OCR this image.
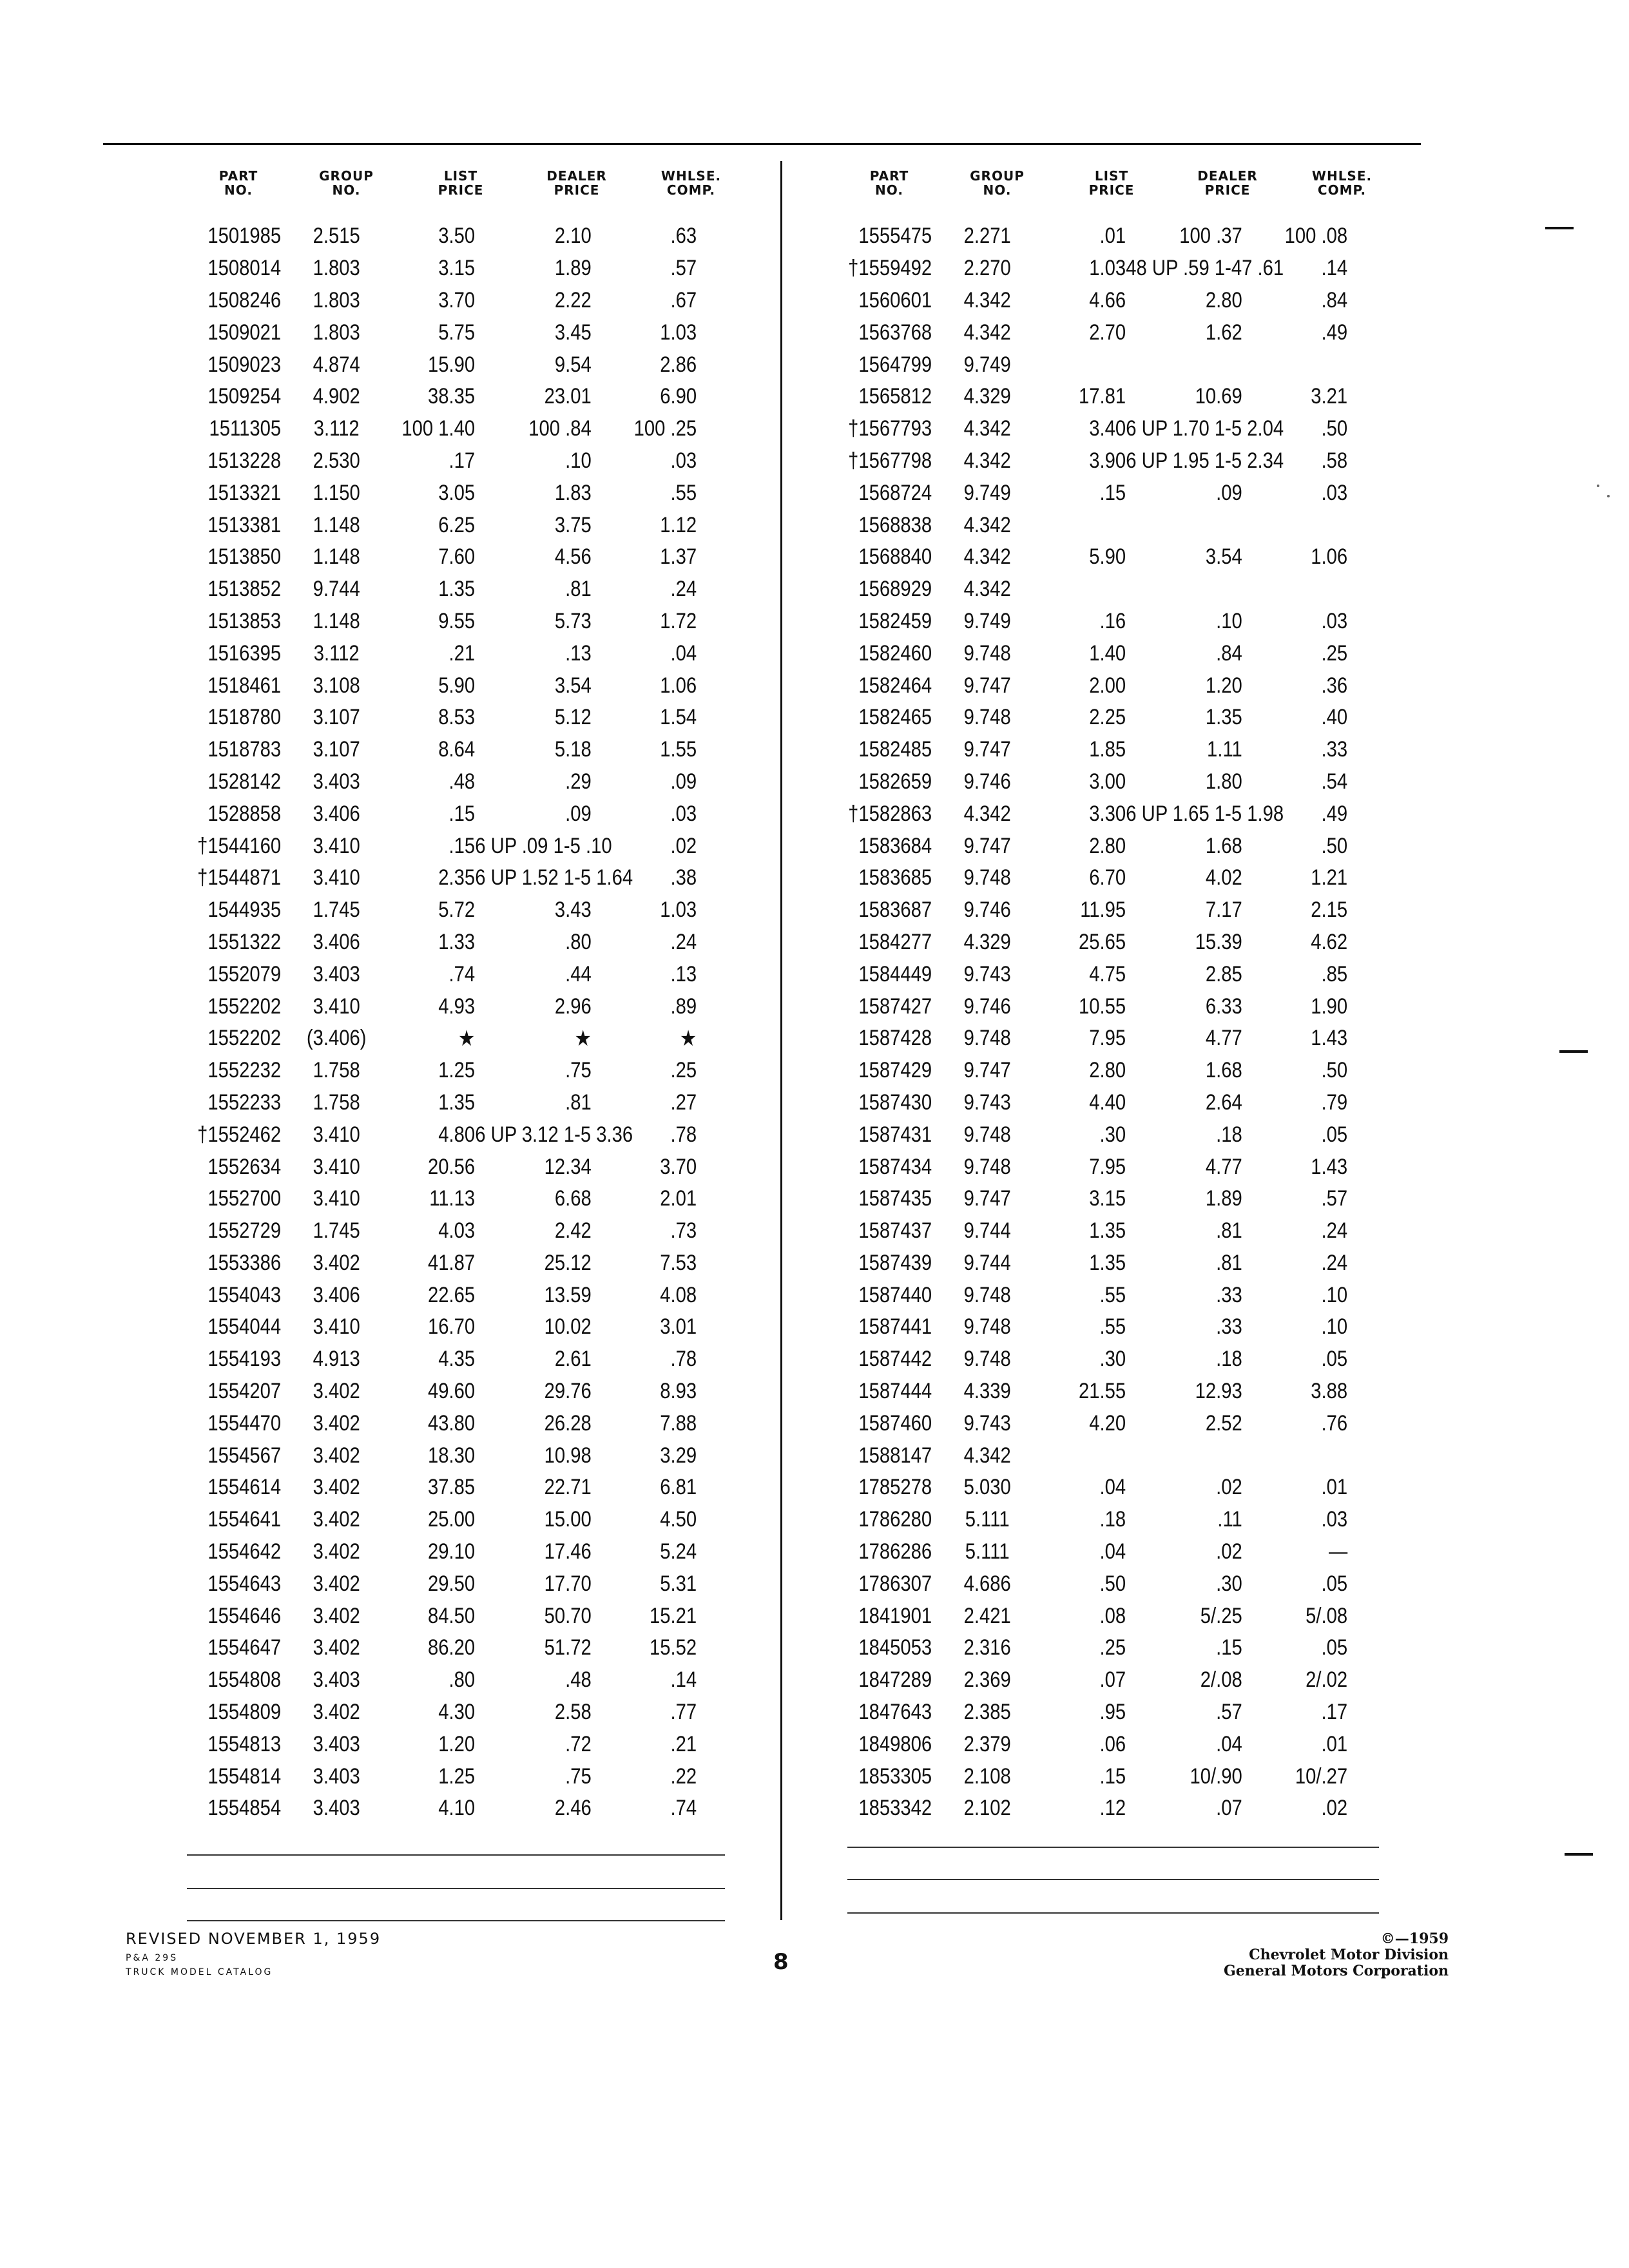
PART
NO.
GROUP
NO.
LIST
PRICE
DEALER
PRICE
WHLSE.
COMP.
1501985	2.515	3.50	2.10	.63
1508014	1.803	3.15	1.89	.57
1508246	1.803	3.70	2.22	.67
1509021	1.803	5.75	3.45	1.03
1509023	4.874	15.90	9.54	2.86
1509254	4.902	38.35	23.01	6.90
1511305	3.112	100 1.40	100 .84	100 .25
1513228	2.530	.17	.10	.03
1513321	1.150	3.05	1.83	.55
1513381	1.148	6.25	3.75	1.12
1513850	1.148	7.60	4.56	1.37
1513852	9.744	1.35	.81	.24
1513853	1.148	9.55	5.73	1.72
1516395	3.112	.21	.13	.04
1518461	3.108	5.90	3.54	1.06
1518780	3.107	8.53	5.12	1.54
1518783	3.107	8.64	5.18	1.55
1528142	3.403	.48	.29	.09
1528858	3.406	.15	.09	.03
†1544160	3.410	.15 6 UP .09 1-5 .10	.02
†1544871	3.410	2.35 6 UP 1.52 1-5 1.64	.38
1544935	1.745	5.72	3.43	1.03
1551322	3.406	1.33	.80	.24
1552079	3.403	.74	.44	.13
1552202	3.410	4.93	2.96	.89
1552202	(3.406)	★	★	★
1552232	1.758	1.25	.75	.25
1552233	1.758	1.35	.81	.27
†1552462	3.410	4.80 6 UP 3.12 1-5 3.36	.78
1552634	3.410	20.56	12.34	3.70
1552700	3.410	11.13	6.68	2.01
1552729	1.745	4.03	2.42	.73
1553386	3.402	41.87	25.12	7.53
1554043	3.406	22.65	13.59	4.08
1554044	3.410	16.70	10.02	3.01
1554193	4.913	4.35	2.61	.78
1554207	3.402	49.60	29.76	8.93
1554470	3.402	43.80	26.28	7.88
1554567	3.402	18.30	10.98	3.29
1554614	3.402	37.85	22.71	6.81
1554641	3.402	25.00	15.00	4.50
1554642	3.402	29.10	17.46	5.24
1554643	3.402	29.50	17.70	5.31
1554646	3.402	84.50	50.70	15.21
1554647	3.402	86.20	51.72	15.52
1554808	3.403	.80	.48	.14
1554809	3.402	4.30	2.58	.77
1554813	3.403	1.20	.72	.21
1554814	3.403	1.25	.75	.22
1554854	3.403	4.10	2.46	.74
PART
NO.
GROUP
NO.
LIST
PRICE
DEALER
PRICE
WHLSE.
COMP.
1555475	2.271	.01	100 .37	100 .08
†1559492	2.270	1.03 48 UP .59 1-47 .61	.14
1560601	4.342	4.66	2.80	.84
1563768	4.342	2.70	1.62	.49
1564799	9.749
1565812	4.329	17.81	10.69	3.21
†1567793	4.342	3.40 6 UP 1.70 1-5 2.04	.50
†1567798	4.342	3.90 6 UP 1.95 1-5 2.34	.58
1568724	9.749	.15	.09	.03
1568838	4.342
1568840	4.342	5.90	3.54	1.06
1568929	4.342
1582459	9.749	.16	.10	.03
1582460	9.748	1.40	.84	.25
1582464	9.747	2.00	1.20	.36
1582465	9.748	2.25	1.35	.40
1582485	9.747	1.85	1.11	.33
1582659	9.746	3.00	1.80	.54
†1582863	4.342	3.30 6 UP 1.65 1-5 1.98	.49
1583684	9.747	2.80	1.68	.50
1583685	9.748	6.70	4.02	1.21
1583687	9.746	11.95	7.17	2.15
1584277	4.329	25.65	15.39	4.62
1584449	9.743	4.75	2.85	.85
1587427	9.746	10.55	6.33	1.90
1587428	9.748	7.95	4.77	1.43
1587429	9.747	2.80	1.68	.50
1587430	9.743	4.40	2.64	.79
1587431	9.748	.30	.18	.05
1587434	9.748	7.95	4.77	1.43
1587435	9.747	3.15	1.89	.57
1587437	9.744	1.35	.81	.24
1587439	9.744	1.35	.81	.24
1587440	9.748	.55	.33	.10
1587441	9.748	.55	.33	.10
1587442	9.748	.30	.18	.05
1587444	4.339	21.55	12.93	3.88
1587460	9.743	4.20	2.52	.76
1588147	4.342
1785278	5.030	.04	.02	.01
1786280	5.111	.18	.11	.03
1786286	5.111	.04	.02	—
1786307	4.686	.50	.30	.05
1841901	2.421	.08	5/.25	5/.08
1845053	2.316	.25	.15	.05
1847289	2.369	.07	2/.08	2/.02
1847643	2.385	.95	.57	.17
1849806	2.379	.06	.04	.01
1853305	2.108	.15	10/.90	10/.27
1853342	2.102	.12	.07	.02
REVISED NOVEMBER 1, 1959
P&A 29S
TRUCK MODEL CATALOG	8
©—1959
Chevrolet Motor Division
General Motors Corporation
